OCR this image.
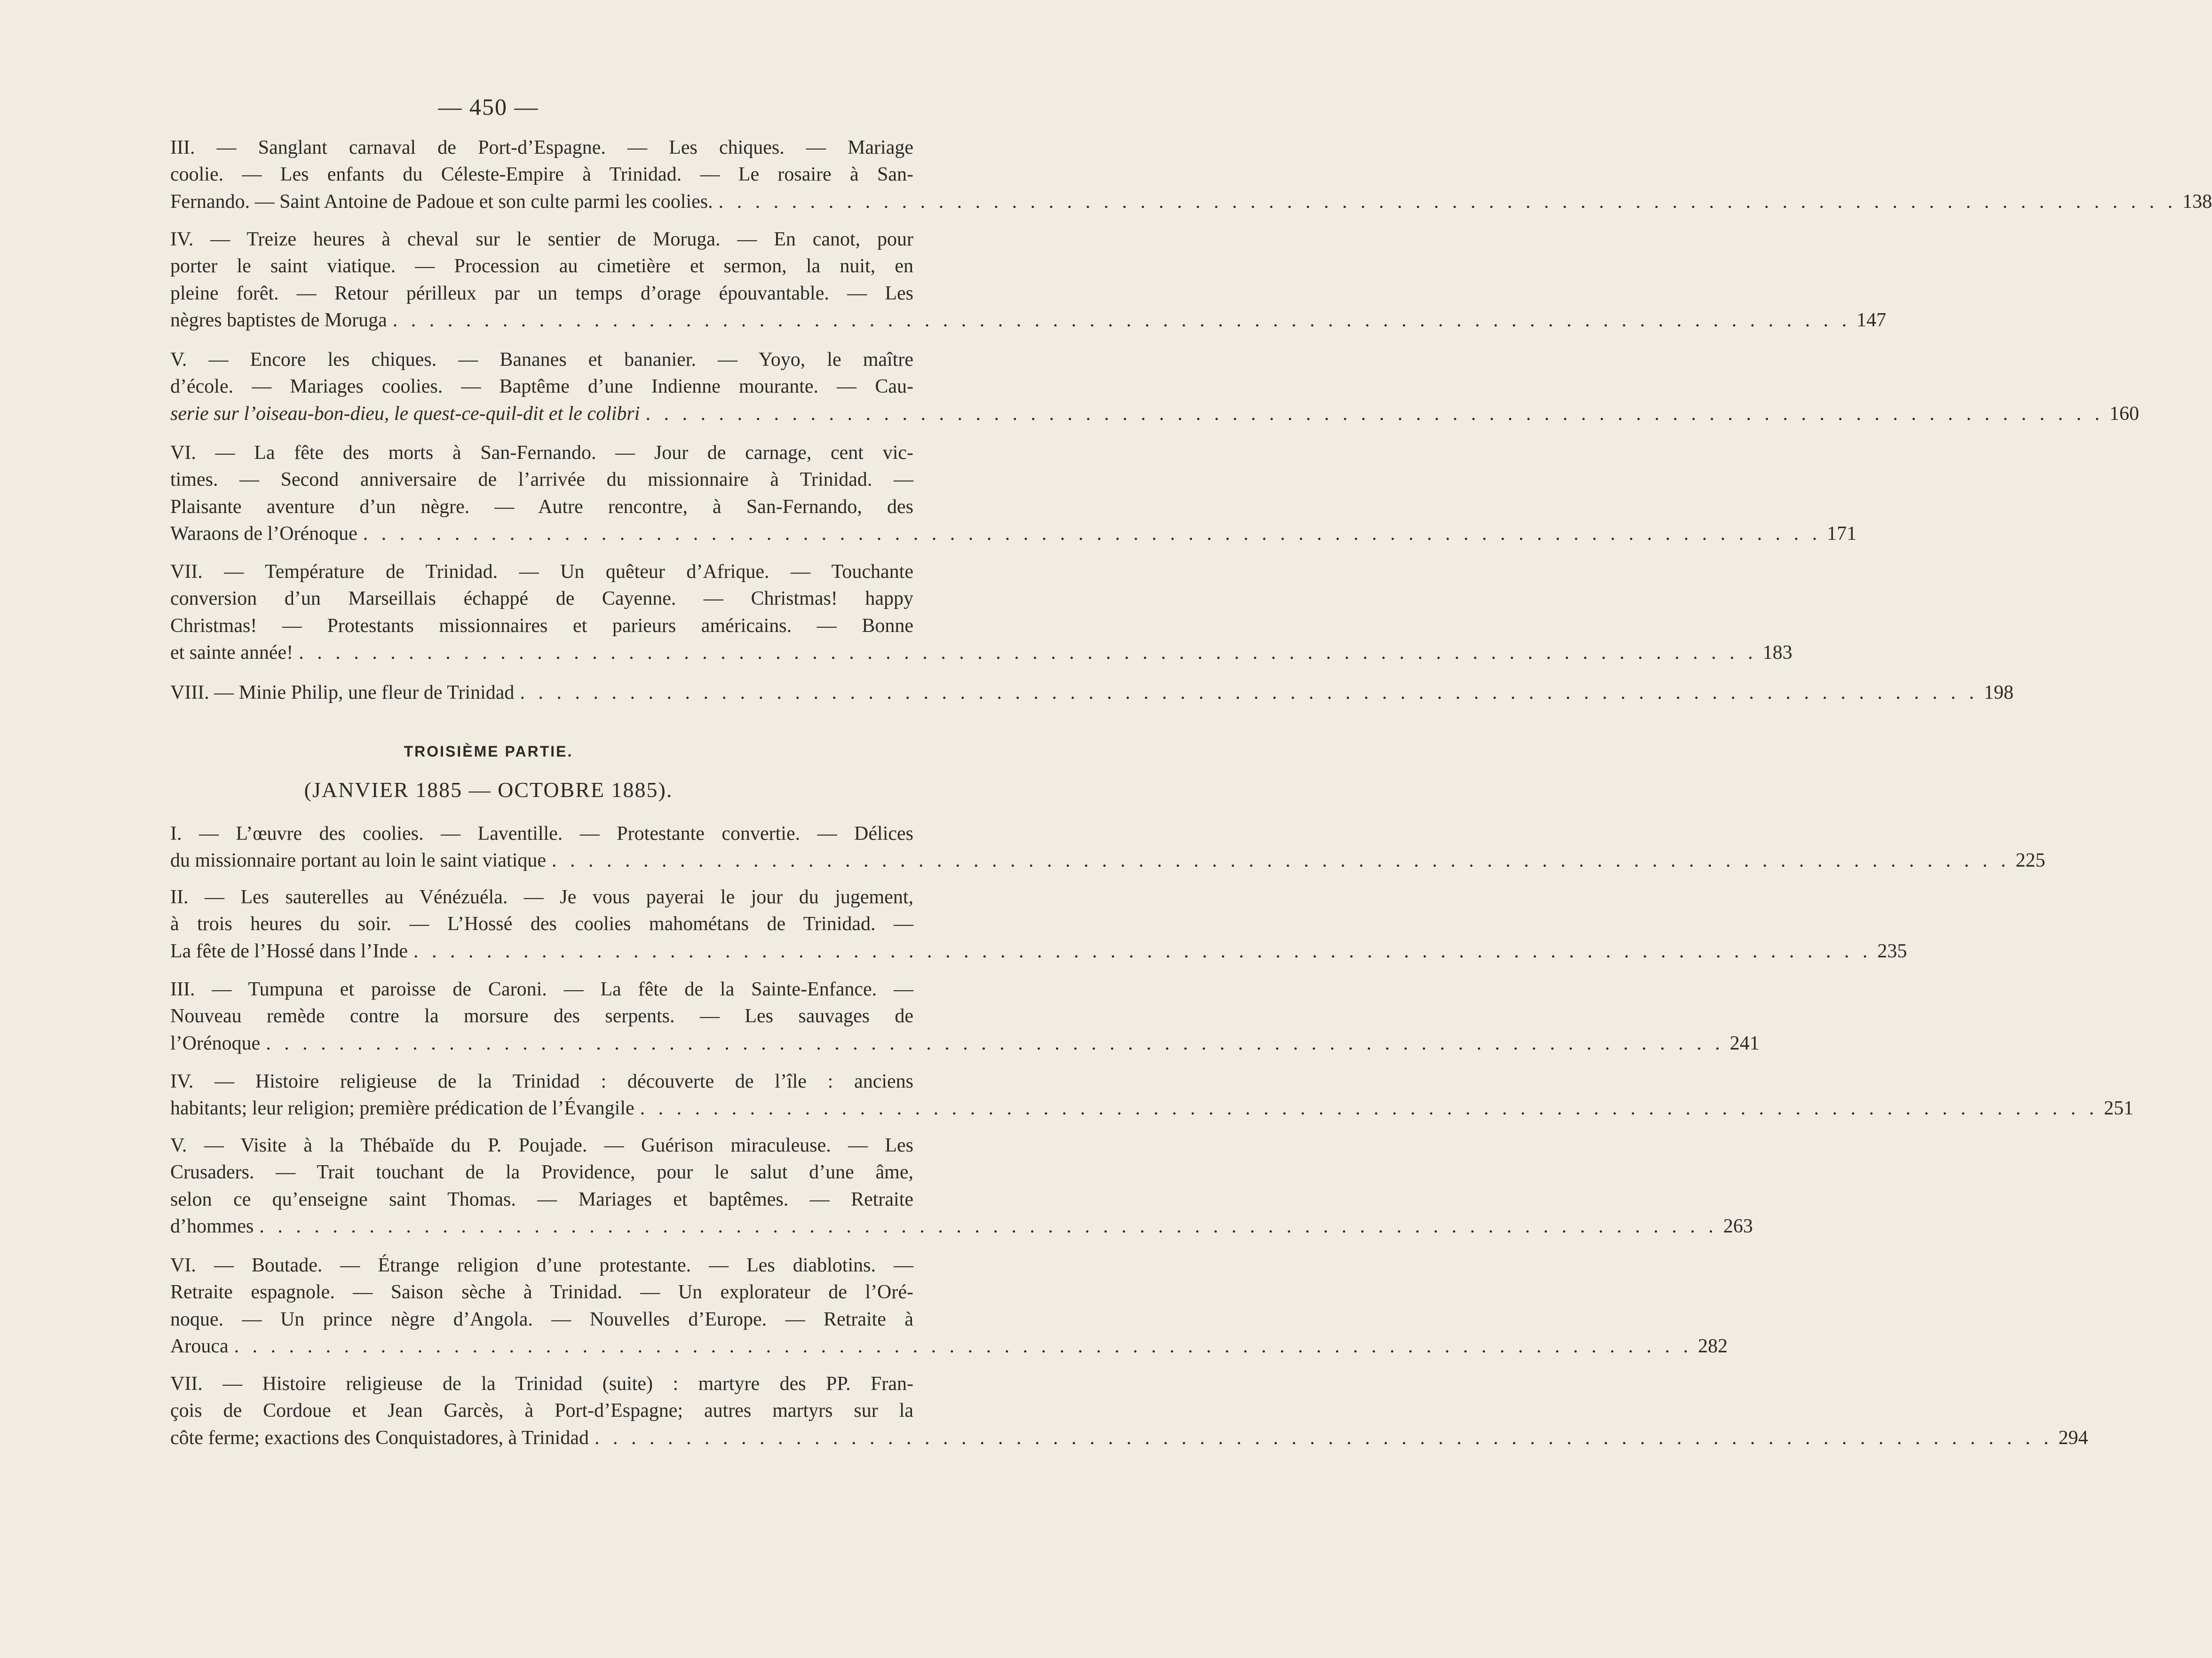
— 450 —
III. — Sanglant carnaval de Port-d’Espagne. — Les chiques. — Mariage
coolie. — Les enfants du Céleste-Empire à Trinidad. — Le rosaire à San-
Fernando. — Saint Antoine de Padoue et son culte parmi les coolies. . . . . . . . . . . . . . . . . . . . . . . . . . . . . . . . . . . . . . . . . . . . . . . . . . . . . . . . . . . . . . . . . . . . . . . . . . . . . . . . . 138
IV. — Treize heures à cheval sur le sentier de Moruga. — En canot, pour
porter le saint viatique. — Procession au cimetière et sermon, la nuit, en
pleine forêt. — Retour périlleux par un temps d’orage épouvantable. — Les
nègres baptistes de Moruga . . . . . . . . . . . . . . . . . . . . . . . . . . . . . . . . . . . . . . . . . . . . . . . . . . . . . . . . . . . . . . . . . . . . . . . . . . . . . . . . 147
V. — Encore les chiques. — Bananes et bananier. — Yoyo, le maître
d’école. — Mariages coolies. — Baptême d’une Indienne mourante. — Cau-
serie sur l’oiseau-bon-dieu, le quest-ce-quil-dit et le colibri . . . . . . . . . . . . . . . . . . . . . . . . . . . . . . . . . . . . . . . . . . . . . . . . . . . . . . . . . . . . . . . . . . . . . . . . . . . . . . . . 160
VI. — La fête des morts à San-Fernando. — Jour de carnage, cent vic-
times. — Second anniversaire de l’arrivée du missionnaire à Trinidad. —
Plaisante aventure d’un nègre. — Autre rencontre, à San-Fernando, des
Waraons de l’Orénoque . . . . . . . . . . . . . . . . . . . . . . . . . . . . . . . . . . . . . . . . . . . . . . . . . . . . . . . . . . . . . . . . . . . . . . . . . . . . . . . . 171
VII. — Température de Trinidad. — Un quêteur d’Afrique. — Touchante
conversion d’un Marseillais échappé de Cayenne. — Christmas! happy
Christmas! — Protestants missionnaires et parieurs américains. — Bonne
et sainte année! . . . . . . . . . . . . . . . . . . . . . . . . . . . . . . . . . . . . . . . . . . . . . . . . . . . . . . . . . . . . . . . . . . . . . . . . . . . . . . . . 183
VIII. — Minie Philip, une fleur de Trinidad . . . . . . . . . . . . . . . . . . . . . . . . . . . . . . . . . . . . . . . . . . . . . . . . . . . . . . . . . . . . . . . . . . . . . . . . . . . . . . . . 198
TROISIÈME PARTIE.
(JANVIER 1885 — OCTOBRE 1885).
I. — L’œuvre des coolies. — Laventille. — Protestante convertie. — Délices
du missionnaire portant au loin le saint viatique . . . . . . . . . . . . . . . . . . . . . . . . . . . . . . . . . . . . . . . . . . . . . . . . . . . . . . . . . . . . . . . . . . . . . . . . . . . . . . . . 225
II. — Les sauterelles au Vénézuéla. — Je vous payerai le jour du jugement,
à trois heures du soir. — L’Hossé des coolies mahométans de Trinidad. —
La fête de l’Hossé dans l’Inde . . . . . . . . . . . . . . . . . . . . . . . . . . . . . . . . . . . . . . . . . . . . . . . . . . . . . . . . . . . . . . . . . . . . . . . . . . . . . . . . 235
III. — Tumpuna et paroisse de Caroni. — La fête de la Sainte-Enfance. —
Nouveau remède contre la morsure des serpents. — Les sauvages de
l’Orénoque . . . . . . . . . . . . . . . . . . . . . . . . . . . . . . . . . . . . . . . . . . . . . . . . . . . . . . . . . . . . . . . . . . . . . . . . . . . . . . . . 241
IV. — Histoire religieuse de la Trinidad : découverte de l’île : anciens
habitants; leur religion; première prédication de l’Évangile . . . . . . . . . . . . . . . . . . . . . . . . . . . . . . . . . . . . . . . . . . . . . . . . . . . . . . . . . . . . . . . . . . . . . . . . . . . . . . . . 251
V. — Visite à la Thébaïde du P. Poujade. — Guérison miraculeuse. — Les
Crusaders. — Trait touchant de la Providence, pour le salut d’une âme,
selon ce qu’enseigne saint Thomas. — Mariages et baptêmes. — Retraite
d’hommes . . . . . . . . . . . . . . . . . . . . . . . . . . . . . . . . . . . . . . . . . . . . . . . . . . . . . . . . . . . . . . . . . . . . . . . . . . . . . . . . 263
VI. — Boutade. — Étrange religion d’une protestante. — Les diablotins. —
Retraite espagnole. — Saison sèche à Trinidad. — Un explorateur de l’Oré-
noque. — Un prince nègre d’Angola. — Nouvelles d’Europe. — Retraite à
Arouca . . . . . . . . . . . . . . . . . . . . . . . . . . . . . . . . . . . . . . . . . . . . . . . . . . . . . . . . . . . . . . . . . . . . . . . . . . . . . . . . 282
VII. — Histoire religieuse de la Trinidad (suite) : martyre des PP. Fran-
çois de Cordoue et Jean Garcès, à Port-d’Espagne; autres martyrs sur la
côte ferme; exactions des Conquistadores, à Trinidad . . . . . . . . . . . . . . . . . . . . . . . . . . . . . . . . . . . . . . . . . . . . . . . . . . . . . . . . . . . . . . . . . . . . . . . . . . . . . . . . 294
